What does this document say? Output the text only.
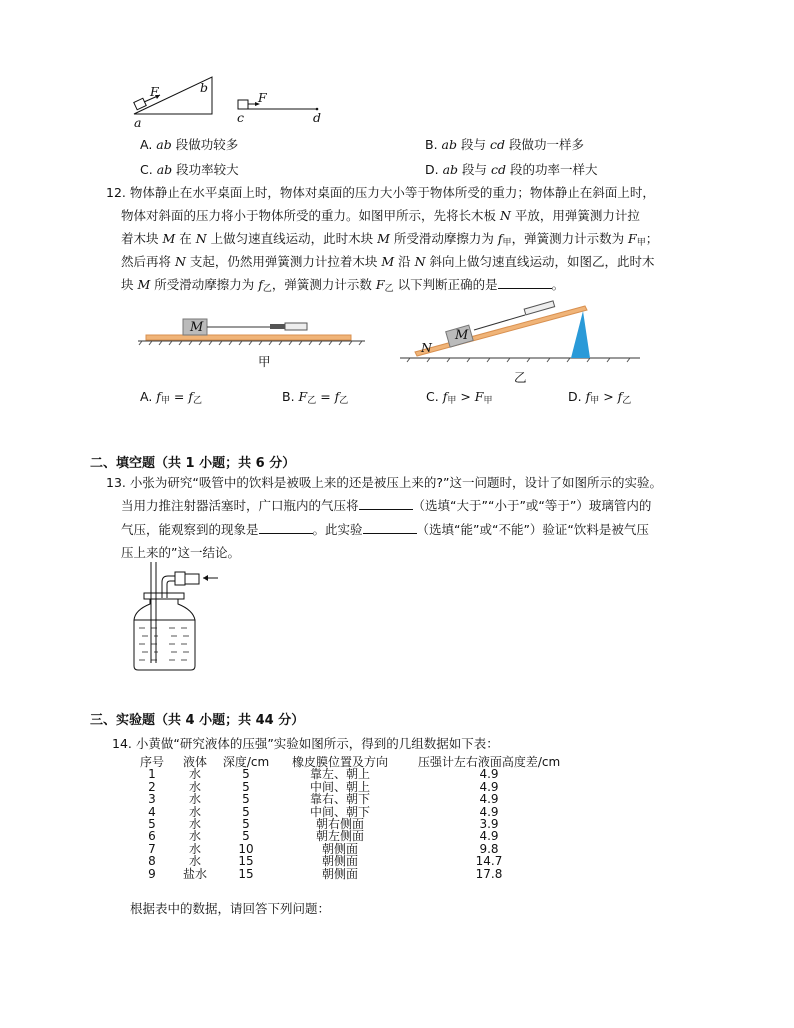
F	b
a
F
c	d
A. ab 段做功较多	B. ab 段与 cd 段做功一样多
C. ab 段功率较大	D. ab 段与 cd 段的功率一样大
12. 物体静止在水平桌面上时，物体对桌面的压力大小等于物体所受的重力；物体静止在斜面上时，
物体对斜面的压力将小于物体所受的重力。如图甲所示，先将长木板 N 平放，用弹簧测力计拉
着木块 M 在 N 上做匀速直线运动，此时木块 M 所受滑动摩擦力为 $f_甲$，弹簧测力计示数为 $F_甲$；
然后再将 N 支起，仍然用弹簧测力计拉着木块 M 沿 N 斜向上做匀速直线运动，如图乙，此时木
块 M 所受滑动摩擦力为 $f_乙$，弹簧测力计示数 $F_乙$ 以下判断正确的是	。
M
M
N
甲
乙
A. $f_甲 = f_乙$	B. $F_乙 = f_乙$	C. $f_甲 > F_甲$	D. $f_甲 > f_乙$
二、填空题（共 1 小题；共 6 分）
13. 小张为研究“吸管中的饮料是被吸上来的还是被压上来的?”这一问题时，设计了如图所示的实验。
当用力推注射器活塞时，广口瓶内的气压将	（选填“大于”“小于”或“等于”）玻璃管内的
气压，能观察到的现象是	。此实验	（选填“能”或“不能”）验证“饮料是被气压
压上来的”这一结论。
三、实验题（共 4 小题；共 44 分）
14. 小黄做“研究液体的压强”实验如图所示，得到的几组数据如下表：
序号	液体	深度/cm	橡皮膜位置及方向	压强计左右液面高度差/cm
1	水	5	靠左、朝上	4.9
2	水	5	中间、朝上	4.9
3	水	5	靠右、朝下	4.9
4	水	5	中间、朝下	4.9
5	水	5	朝右侧面	3.9
6	水	5	朝左侧面	4.9
7	水	10	朝侧面	9.8
8	水	15	朝侧面	14.7
9	盐水	15	朝侧面	17.8
根据表中的数据，请回答下列问题：
